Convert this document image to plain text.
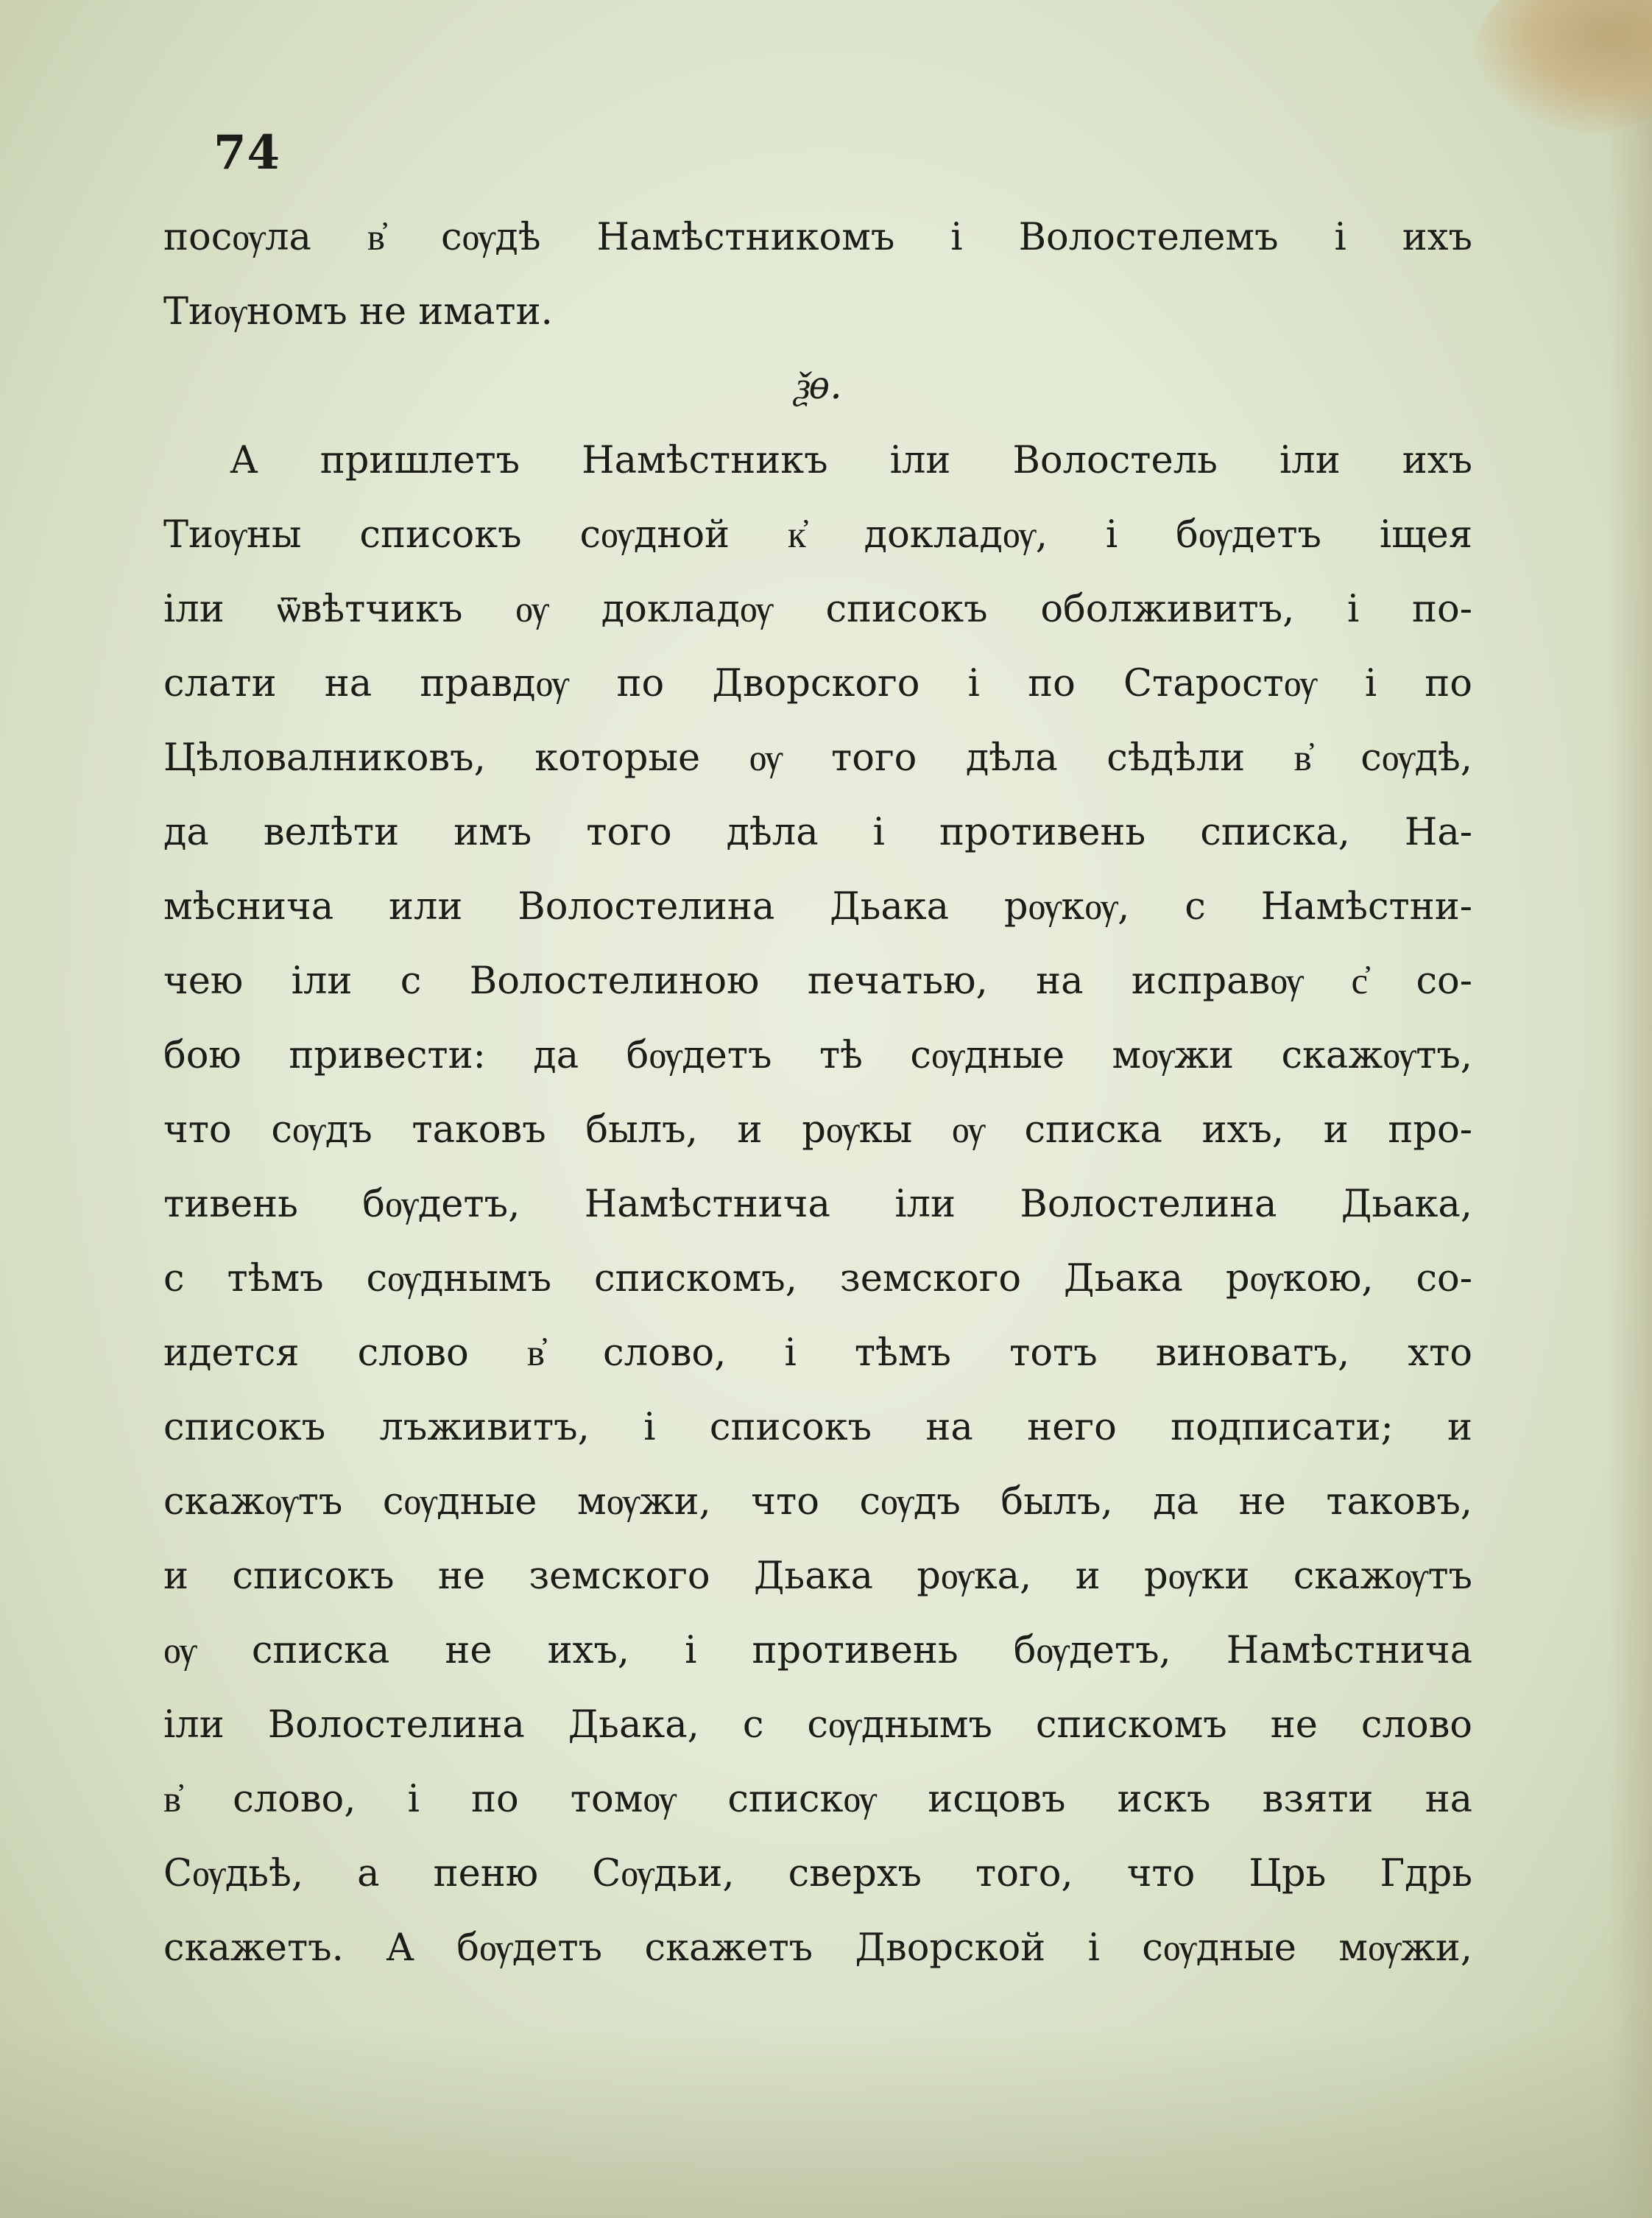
74
посѹла в҆ сѹдѣ Намѣстникомъ і Волостелемъ і ихъ
Тиѹномъ не имати.
ѯѳ.
А пришлетъ Намѣстникъ іли Волостель іли ихъ
Тиѹны списокъ сѹдной к҆ докладѹ, і бѹдетъ іщея
іли ѿвѣтчикъ ѹ докладѹ списокъ оболживитъ, і по-
слати на правдѹ по Дворского і по Старостѹ і по
Цѣловалниковъ, которые ѹ того дѣла сѣдѣли в҆ сѹдѣ,
да велѣти имъ того дѣла і противень списка, На-
мѣснича или Волостелина Дьака рѹкѹ, с Намѣстни-
чею іли с Волостелиною печатью, на исправѹ с҆ со-
бою привести: да бѹдетъ тѣ сѹдные мѹжи скажѹтъ,
что сѹдъ таковъ былъ, и рѹкы ѹ списка ихъ, и про-
тивень бѹдетъ, Намѣстнича іли Волостелина Дьака,
с тѣмъ сѹднымъ спискомъ, земского Дьака рѹкою, со-
идется слово в҆ слово, і тѣмъ тотъ виноватъ, хто
списокъ лъживитъ, і списокъ на него подписати; и
скажѹтъ сѹдные мѹжи, что сѹдъ былъ, да не таковъ,
и списокъ не земского Дьака рѹка, и рѹки скажѹтъ
ѹ списка не ихъ, і противень бѹдетъ, Намѣстнича
іли Волостелина Дьака, с сѹднымъ спискомъ не слово
в҆ слово, і по томѹ спискѹ исцовъ искъ взяти на
Сѹдьѣ, а пеню Сѹдьи, сверхъ того, что Црь Гдрь
скажетъ. А бѹдетъ скажетъ Дворской і сѹдные мѹжи,
